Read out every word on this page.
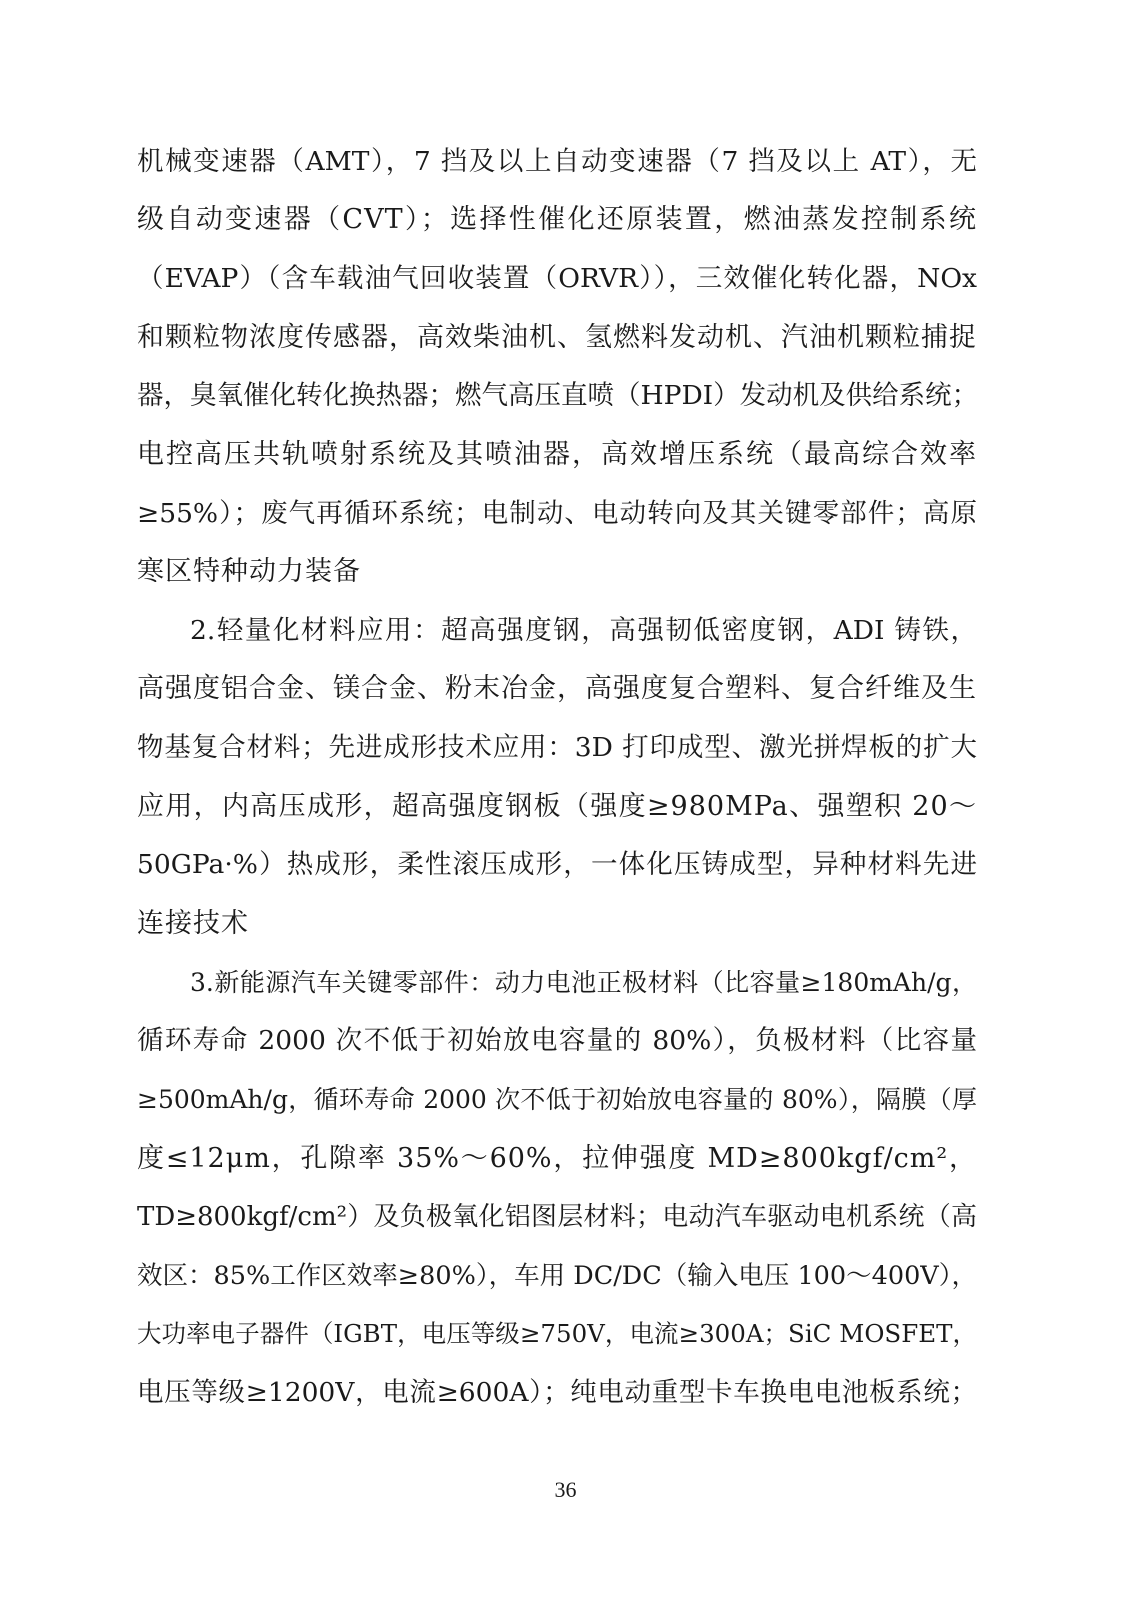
机械变速器（AMT），7 挡及以上自动变速器（7 挡及以上 AT），无
级自动变速器（CVT）；选择性催化还原装置，燃油蒸发控制系统
（EVAP）（含车载油气回收装置（ORVR）），三效催化转化器，NOx
和颗粒物浓度传感器，高效柴油机、氢燃料发动机、汽油机颗粒捕捉
器，臭氧催化转化换热器；燃气高压直喷（HPDI）发动机及供给系统；
电控高压共轨喷射系统及其喷油器，高效增压系统（最高综合效率
≥55%）；废气再循环系统；电制动、电动转向及其关键零部件；高原
寒区特种动力装备
2.轻量化材料应用：超高强度钢，高强韧低密度钢，ADI 铸铁，
高强度铝合金、镁合金、粉末冶金，高强度复合塑料、复合纤维及生
物基复合材料；先进成形技术应用：3D 打印成型、激光拼焊板的扩大
应用，内高压成形，超高强度钢板（强度≥980MPa、强塑积 20～
50GPa·%）热成形，柔性滚压成形，一体化压铸成型，异种材料先进
连接技术
3.新能源汽车关键零部件：动力电池正极材料（比容量≥180mAh/g，
循环寿命 2000 次不低于初始放电容量的 80%），负极材料（比容量
≥500mAh/g，循环寿命 2000 次不低于初始放电容量的 80%），隔膜（厚
度≤12μm，孔隙率 35%～60%，拉伸强度 MD≥800kgf/cm²，
TD≥800kgf/cm²）及负极氧化铝图层材料；电动汽车驱动电机系统（高
效区：85%工作区效率≥80%），车用 DC/DC（输入电压 100～400V），
大功率电子器件（IGBT，电压等级≥750V，电流≥300A；SiC MOSFET，
电压等级≥1200V，电流≥600A）；纯电动重型卡车换电电池板系统；
36
